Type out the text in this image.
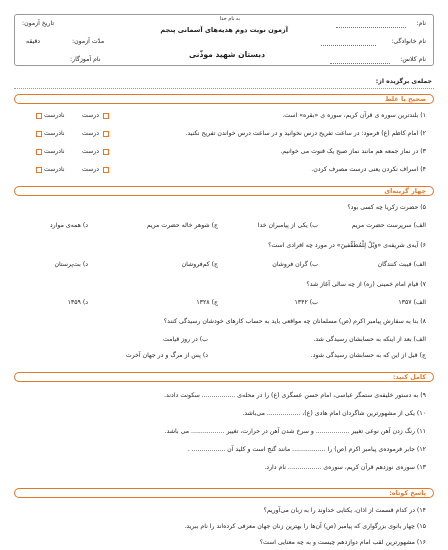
به نام خدا
آزمون نوبت دوم هدیه‌های آسمانی پنجم
دبستان شهید موذّنی
نام:
نام خانوادگی:
نام کلاس:
تاریخ آزمون:
مدّت آزمون:
دقیقه
نام آموزگار:
جمله‌ی برگزیده از:
صحیح یا غلط
۱) بلندترین سوره ی قرآن کریم، سوره ی «بقره» است.
۲) امام کاظم (ع) فرمود: در ساعت تفریح درس نخوانید و در ساعت درس خواندن تفریح نکنید.
۳) در نماز جمعه هم مانند نماز صبح یک قنوت می خوانیم.
۴) اسراف نکردن یعنی درست مصرف کردن.
درست
نادرست
درست
نادرست
درست
نادرست
درست
نادرست
چهار گزینه‌ای
۵) حضرت زکریا چه کسی بود؟
الف) سرپرست حضرت مریم
ب) یکی از پیامبران خدا
ج) شوهر خاله حضرت مریم
د) همه‌ی موارد
۶) آیه‌ی شریفه‌ی «وَیْلٌ لِلْمُطَفِّفینَ» در مورد چه افرادی است؟
الف) فیبت کنندگان
ب) گران فروشان
ج) کم‌فروشان
د) بت‌پرستان
۷) قیام امام خمینی (ره) از چه سالی آغاز شد؟
الف) ۱۳۵۷
ب) ۱۳۴۲
ج) ۱۳۲۸
د) ۱۳۵۹
۸) بنا به سفارش پیامبر اکرم (ص) مسلمانان چه مواقعی باید به حساب کارهای خودشان رسیدگی کنند؟
الف) بعد از اینکه به حسابشان رسیدگی شد.
ب) در روز قیامت
ج) قبل از این که به حسابشان رسیدگی شود.
د) پس از مرگ و در جهان آخرت
کامل کنید:
۹) به دستور خلیفه‌ی ستمگر عباسی، امام حسن عسگری (ع) را در محله‌ی ................. سکونت دادند.
۱۰) یکی از مشهورترین شاگردان امام هادی (ع)، ................. می‌باشد.
۱۱) رنگ زدن آهن نوعی تغییر ................. و سرخ شدن آهن در حرارت، تغییر ................. می باشد.
۱۲) جابر فرموده‌ی پیامبر اکرم (ص) را ................. مانند گنج است و کلید آن ................. .
۱۳) سوره‌ی نوزدهم قرآن کریم، سوره‌ی ................. نام دارد.
پاسخ کوتاه:
۱۴) در کدام قسمت از اذان، یکتایی خداوند را به زبان می‌آوریم؟
۱۵) چهار بانوی بزرگواری که پیامبر (ص) آن‌ها را بهترین زنان جهان معرفی کرده‌اند را نام ببرید.
۱۶) مشهورترین لقب امام دوازدهم چیست و به چه معنایی است؟
